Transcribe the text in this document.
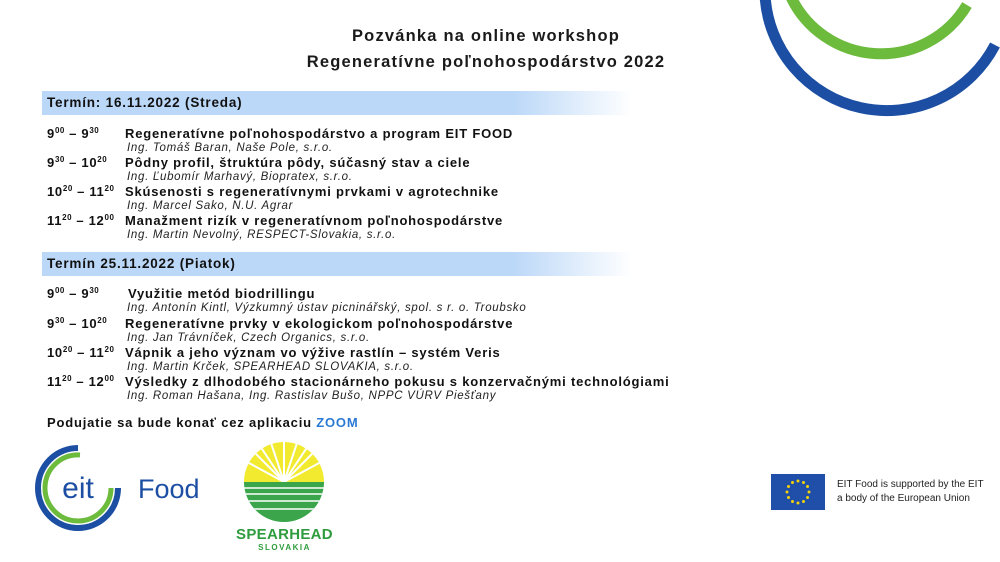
Pozvánka na online workshop
Regeneratívne poľnohospodárstvo 2022
Termín: 16.11.2022 (Streda)
$9^{00} - 9^{30}$ Regeneratívne poľnohospodárstvo a program EIT FOOD
Ing. Tomáš Baran, Naše Pole, s.r.o.
$9^{30} - 10^{20}$ Pôdny profil, štruktúra pôdy, súčasný stav a ciele
Ing. Ľubomír Marhavý, Biopratex, s.r.o.
$10^{20} - 11^{20}$ Skúsenosti s regeneratívnymi prvkami v agrotechnike
Ing. Marcel Sako, N.U. Agrar
$11^{20} - 12^{00}$ Manažment rizík v regeneratívnom poľnohospodárstve
Ing. Martin Nevolný, RESPECT-Slovakia, s.r.o.
Termín 25.11.2022 (Piatok)
$9^{00} - 9^{30}$ Využitie metód biodrillingu
Ing. Antonín Kintl, Výzkumný ústav picninářský, spol. s r. o. Troubsko
$9^{30} - 10^{20}$ Regeneratívne prvky v ekologickom poľnohospodárstve
Ing. Jan Trávníček, Czech Organics, s.r.o.
$10^{20} - 11^{20}$ Vápnik a jeho význam vo výžive rastlín – systém Veris
Ing. Martin Krček, SPEARHEAD SLOVAKIA, s.r.o.
$11^{20} - 12^{00}$ Výsledky z dlhodobého stacionárneho pokusu s konzervačnými technológiami
Ing. Roman Hašana, Ing. Rastislav Bušo, NPPC VÚRV Piešťany
Podujatie sa bude konať cez aplikaciu ZOOM
eit Food
SPEARHEAD
SLOVAKIA
EIT Food is supported by the EIT
a body of the European Union
